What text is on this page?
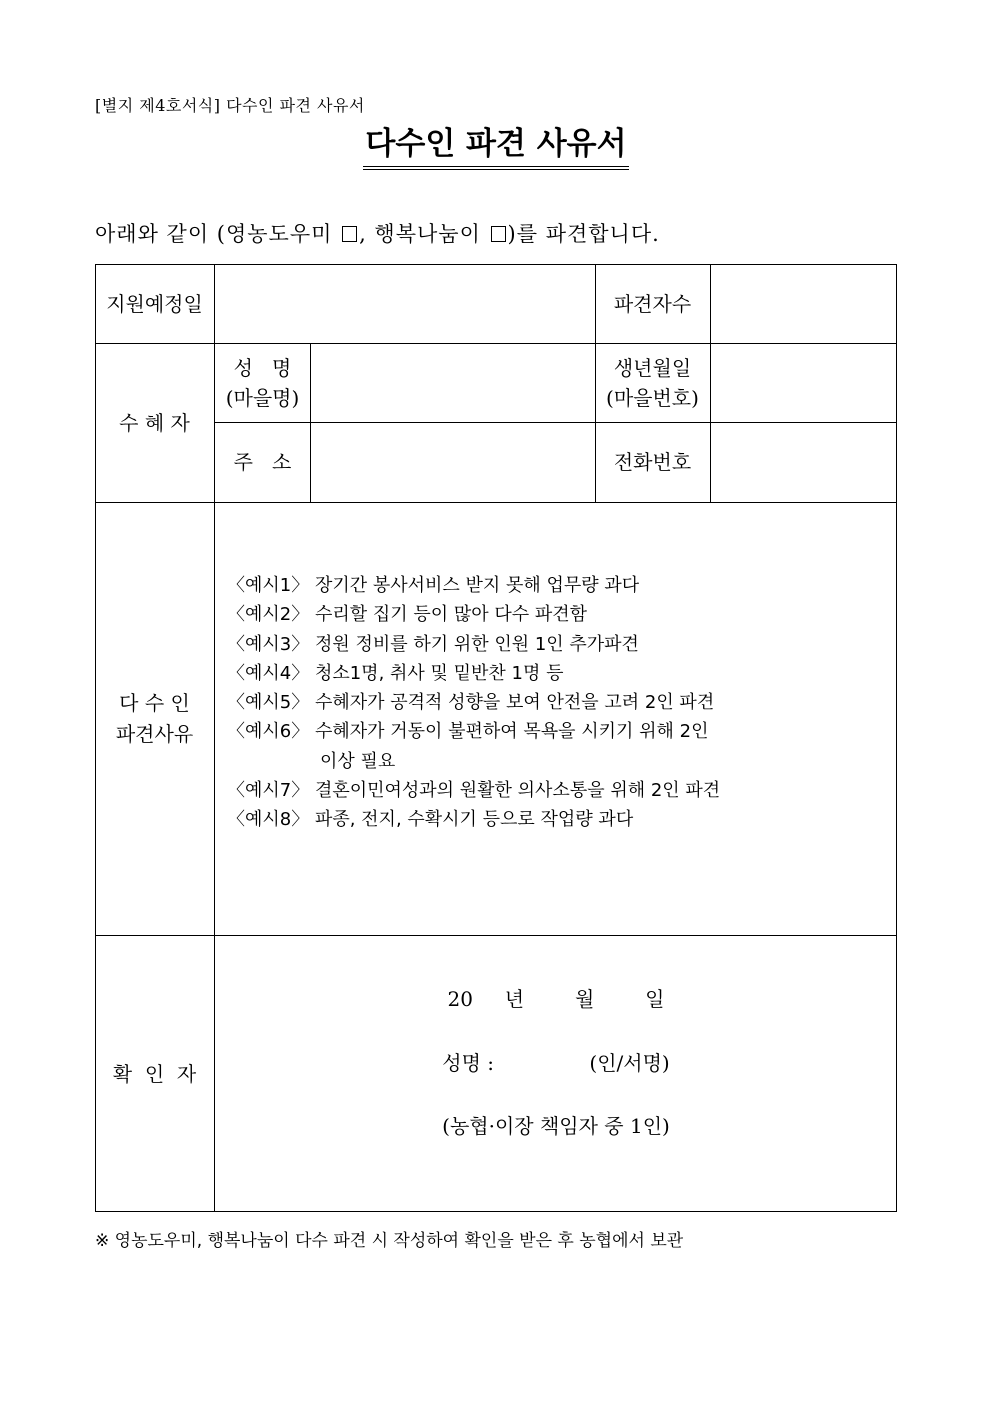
[별지 제4호서식] 다수인 파견 사유서
다수인 파견 사유서
아래와 같이 (영농도우미 , 행복나눔이 )를 파견합니다.
지원예정일	파견자수
수 혜 자
성   명
(마을명)
생년월일
(마을번호)
주   소	전화번호
다 수 인
파견사유
〈예시1〉 장기간 봉사서비스 받지 못해 업무량 과다
〈예시2〉 수리할 집기 등이 많아 다수 파견함
〈예시3〉 정원 정비를 하기 위한 인원 1인 추가파견
〈예시4〉 청소1명, 취사 및 밑반찬 1명 등
〈예시5〉 수혜자가 공격적 성향을 보여 안전을 고려 2인 파견
〈예시6〉 수혜자가 거동이 불편하여 목욕을 시키기 위해 2인
이상 필요
〈예시7〉 결혼이민여성과의 원활한 의사소통을 위해 2인 파견
〈예시8〉 파종, 전지, 수확시기 등으로 작업량 과다
확  인  자
20     년        월        일
성명 :               (인/서명)
(농협·이장 책임자 중 1인)
※ 영농도우미, 행복나눔이 다수 파견 시 작성하여 확인을 받은 후 농협에서 보관
